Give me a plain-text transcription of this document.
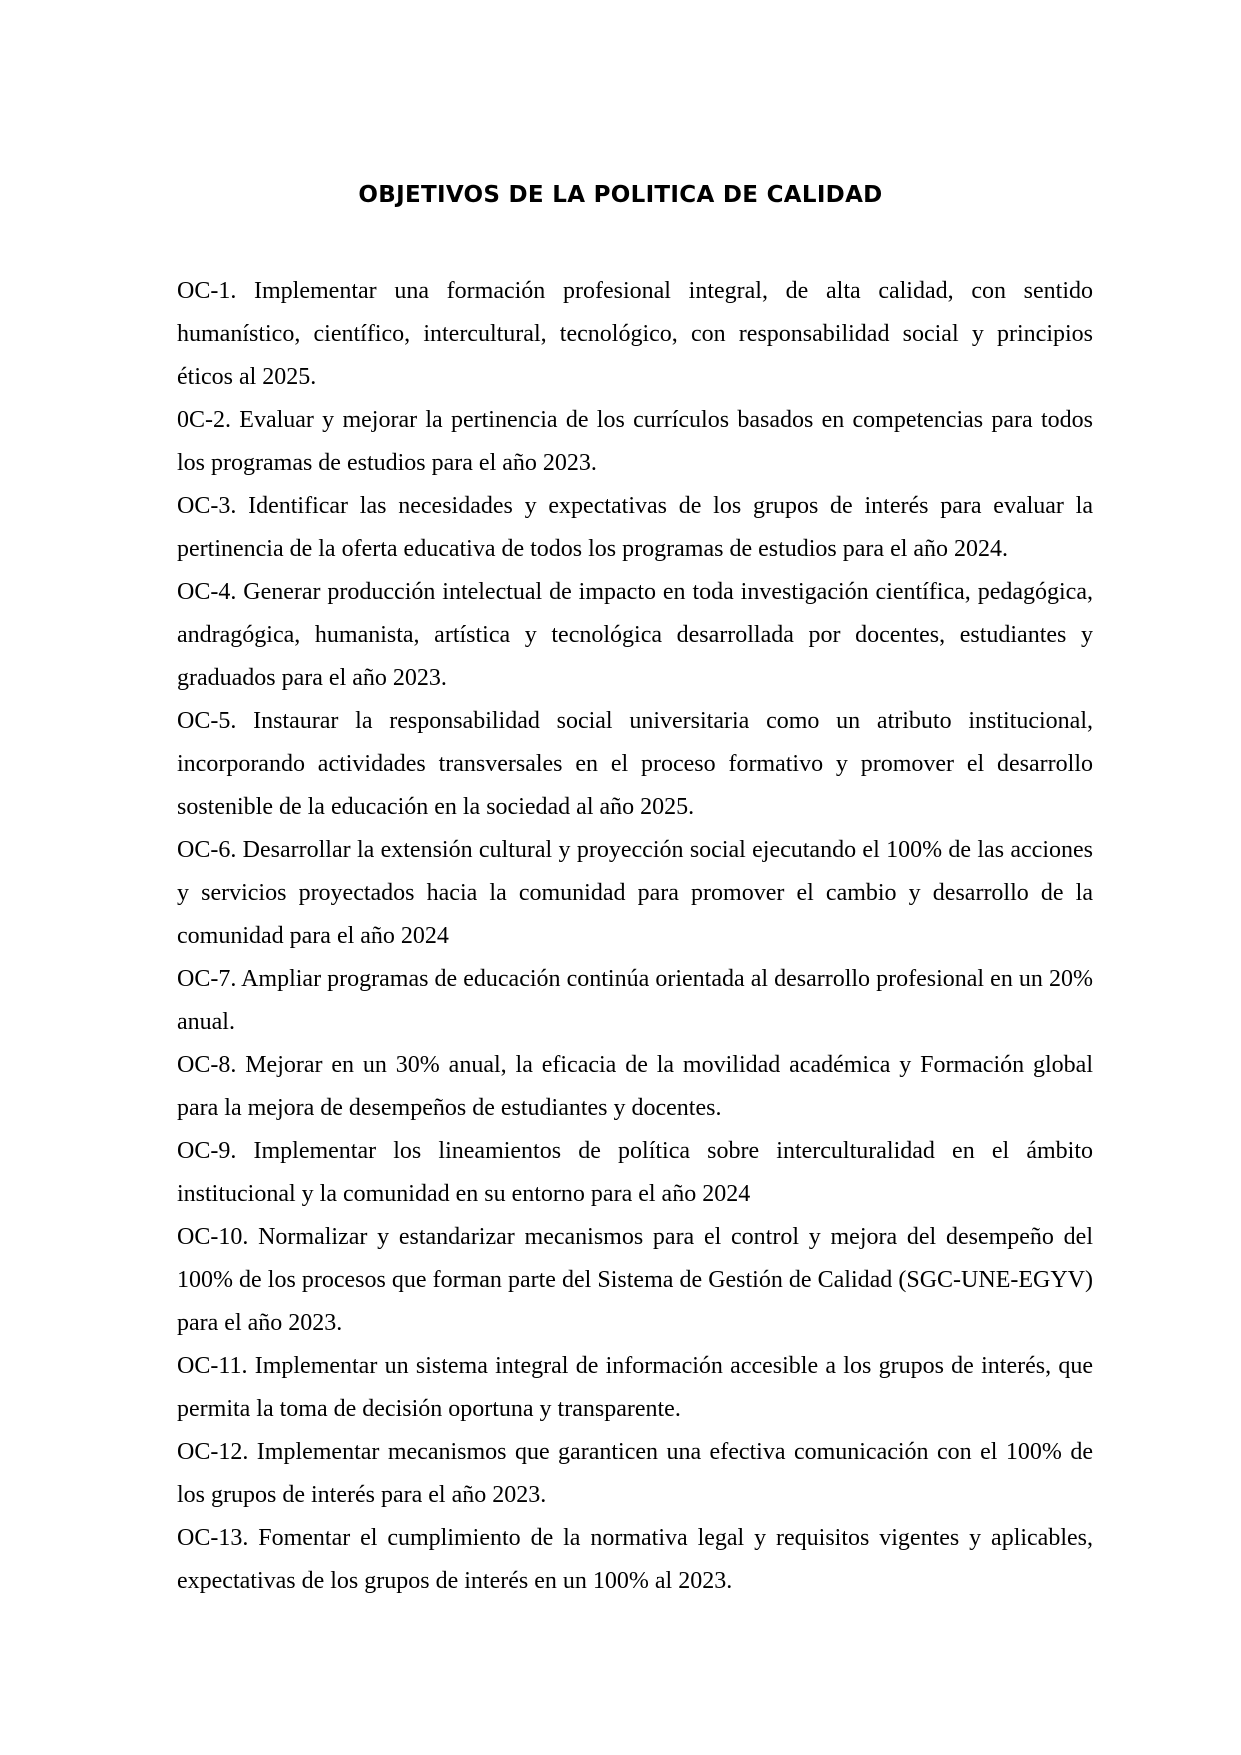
OBJETIVOS DE LA POLITICA DE CALIDAD

OC-1. Implementar una formación profesional integral, de alta calidad, con sentido humanístico, científico, intercultural, tecnológico, con responsabilidad social y principios éticos al 2025.

0C-2. Evaluar y mejorar la pertinencia de los currículos basados en competencias para todos los programas de estudios para el año 2023.

OC-3. Identificar las necesidades y expectativas de los grupos de interés para evaluar la pertinencia de la oferta educativa de todos los programas de estudios para el año 2024.

OC-4. Generar producción intelectual de impacto en toda investigación científica, pedagógica, andragógica, humanista, artística y tecnológica desarrollada por docentes, estudiantes y graduados para el año 2023.

OC-5. Instaurar la responsabilidad social universitaria como un atributo institucional, incorporando actividades transversales en el proceso formativo y promover el desarrollo sostenible de la educación en la sociedad al año 2025.

OC-6. Desarrollar la extensión cultural y proyección social ejecutando el 100% de las acciones y servicios proyectados hacia la comunidad para promover el cambio y desarrollo de la comunidad para el año 2024

OC-7. Ampliar programas de educación continúa orientada al desarrollo profesional en un 20% anual.

OC-8. Mejorar en un 30% anual, la eficacia de la movilidad académica y Formación global para la mejora de desempeños de estudiantes y docentes.

OC-9. Implementar los lineamientos de política sobre interculturalidad en el ámbito institucional y la comunidad en su entorno para el año 2024

OC-10. Normalizar y estandarizar mecanismos para el control y mejora del desempeño del 100% de los procesos que forman parte del Sistema de Gestión de Calidad (SGC-UNE-EGYV) para el año 2023.

OC-11. Implementar un sistema integral de información accesible a los grupos de interés, que permita la toma de decisión oportuna y transparente.

OC-12. Implementar mecanismos que garanticen una efectiva comunicación con el 100% de los grupos de interés para el año 2023.

OC-13. Fomentar el cumplimiento de la normativa legal y requisitos vigentes y aplicables, expectativas de los grupos de interés en un 100% al 2023.
